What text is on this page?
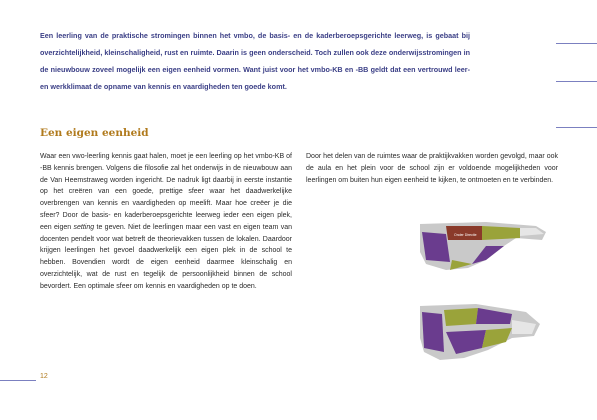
Een leerling van de praktische stromingen binnen het vmbo, de basis- en de kaderberoepsgerichte leerweg, is gebaat bij overzichtelijkheid, kleinschaligheid, rust en ruimte. Daarin is geen onderscheid. Toch zullen ook deze onderwijsstromingen in de nieuwbouw zoveel mogelijk een eigen eenheid vormen. Want juist voor het vmbo-KB en -BB geldt dat een vertrouwd leer- en werkklimaat de opname van kennis en vaardigheden ten goede komt.
Een eigen eenheid
Waar een vwo-leerling kennis gaat halen, moet je een leerling op het vmbo-KB of -BB kennis brengen. Volgens die filosofie zal het onderwijs in de nieuwbouw aan de Van Heemstraweg worden ingericht. De nadruk ligt daarbij in eerste instantie op het creëren van een goede, prettige sfeer waar het daadwerkelijke overbrengen van kennis en vaardigheden op meelift. Maar hoe creëer je die sfeer? Door de basis- en kaderberoepsgerichte leerweg ieder een eigen plek, een eigen setting te geven. Niet de leerlingen maar een vast en eigen team van docenten pendelt voor wat betreft de theorievakken tussen de lokalen. Daardoor krijgen leerlingen het gevoel daadwerkelijk een eigen plek in de school te hebben. Bovendien wordt de eigen eenheid daarmee kleinschalig en overzichtelijk, wat de rust en tegelijk de persoonlijkheid binnen de school bevordert. Een optimale sfeer om kennis en vaardigheden op te doen.
Door het delen van de ruimtes waar de praktijkvakken worden gevolgd, maar ook de aula en het plein voor de school zijn er voldoende mogelijkheden voor leerlingen om buiten hun eigen eenheid te kijken, te ontmoeten en te verbinden.
Onder Directie
12
